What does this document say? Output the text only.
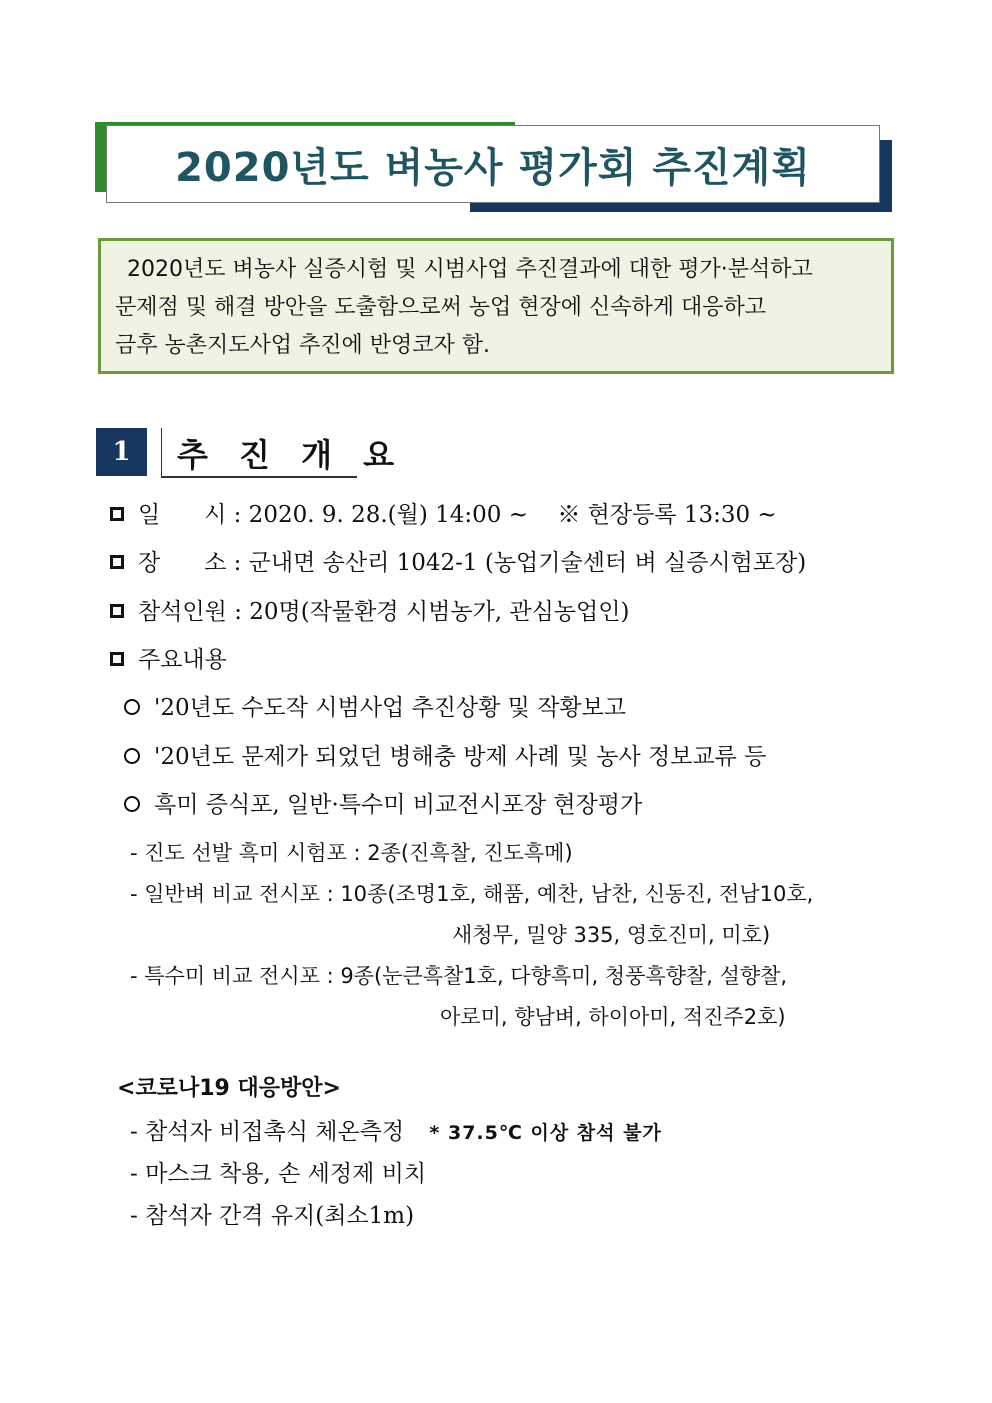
2020년도 벼농사 평가회 추진계획
2020년도 벼농사 실증시험 및 시범사업 추진결과에 대한 평가·분석하고
문제점 및 해결 방안을 도출함으로써 농업 현장에 신속하게 대응하고
금후 농촌지도사업 추진에 반영코자 함.
1	추 진 개 요
일      시 : 2020. 9. 28.(월) 14:00 ~ ※ 현장등록 13:30 ~
장      소 : 군내면 송산리 1042-1 (농업기술센터 벼 실증시험포장)
참석인원 : 20명(작물환경 시범농가, 관심농업인)
주요내용
'20년도 수도작 시범사업 추진상황 및 작황보고
'20년도 문제가 되었던 병해충 방제 사례 및 농사 정보교류 등
흑미 증식포, 일반·특수미 비교전시포장 현장평가
- 진도 선발 흑미 시험포 : 2종(진흑찰, 진도흑메)
- 일반벼 비교 전시포 : 10종(조명1호, 해품, 예찬, 남찬, 신동진, 전남10호,
새청무, 밀양 335, 영호진미, 미호)
- 특수미 비교 전시포 : 9종(눈큰흑찰1호, 다향흑미, 청풍흑향찰, 설향찰,
아로미, 향남벼, 하이아미, 적진주2호)
<코로나19 대응방안>
- 참석자 비접촉식 체온측정 * 37.5℃ 이상 참석 불가
- 마스크 착용, 손 세정제 비치
- 참석자 간격 유지(최소1m)
